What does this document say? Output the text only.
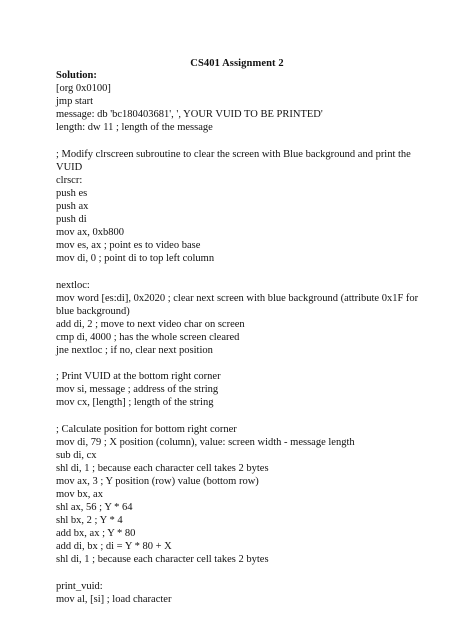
CS401 Assignment 2
Solution:
[org 0x0100]
jmp start
message: db 'bc180403681', ', YOUR VUID TO BE PRINTED'
length: dw 11 ; length of the message
; Modify clrscreen subroutine to clear the screen with Blue background and print the VUID
clrscr:
push es
push ax
push di
mov ax, 0xb800
mov es, ax ; point es to video base
mov di, 0 ; point di to top left column
nextloc:
mov word [es:di], 0x2020 ; clear next screen with blue background (attribute 0x1F for blue background)
add di, 2 ; move to next video char on screen
cmp di, 4000 ; has the whole screen cleared
jne nextloc ; if no, clear next position
; Print VUID at the bottom right corner
mov si, message ; address of the string
mov cx, [length] ; length of the string
; Calculate position for bottom right corner
mov di, 79 ; X position (column), value: screen width - message length
sub di, cx
shl di, 1 ; because each character cell takes 2 bytes
mov ax, 3 ; Y position (row) value (bottom row)
mov bx, ax
shl ax, 56 ; Y * 64
shl bx, 2 ; Y * 4
add bx, ax ; Y * 80
add di, bx ; di = Y * 80 + X
shl di, 1 ; because each character cell takes 2 bytes
print_vuid:
mov al, [si] ; load character
